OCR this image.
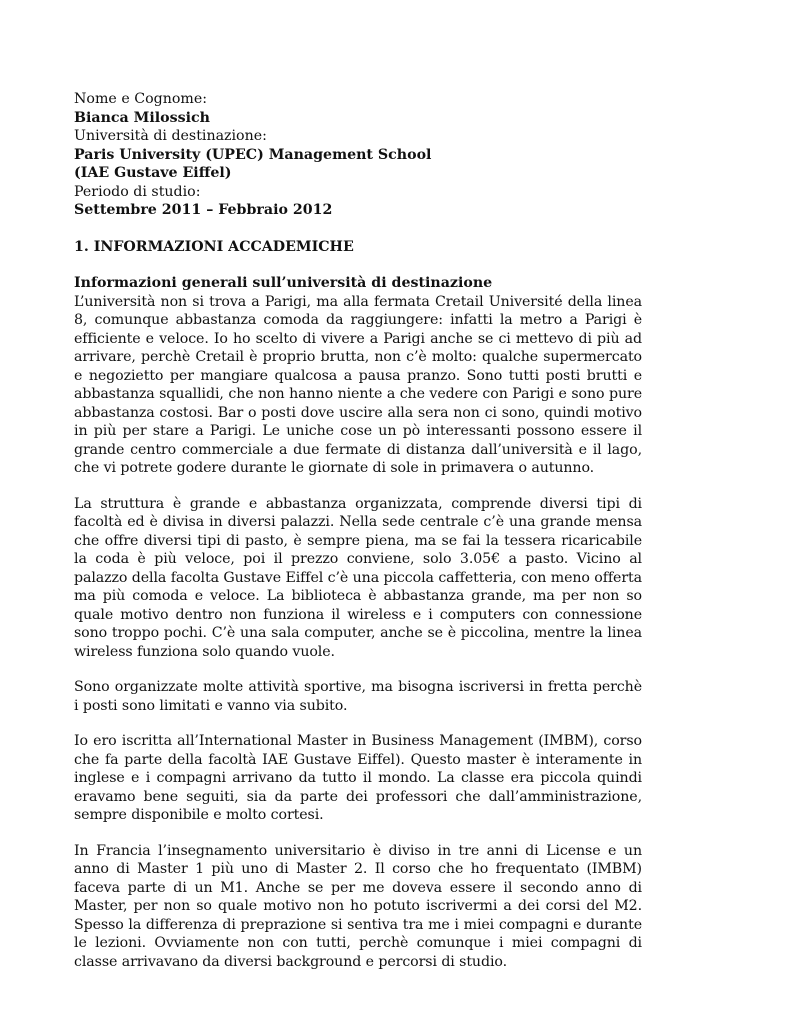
Nome e Cognome:
Bianca Milossich
Università di destinazione:
Paris University (UPEC) Management School
(IAE Gustave Eiffel)
Periodo di studio:
Settembre 2011 – Febbraio 2012
1. INFORMAZIONI ACCADEMICHE
Informazioni generali sull’università di destinazione

L’università non si trova a Parigi, ma alla fermata Cretail Université della linea 8, comunque abbastanza comoda da raggiungere: infatti la metro a Parigi è efficiente e veloce. Io ho scelto di vivere a Parigi anche se ci mettevo di più ad arrivare, perchè Cretail è proprio brutta, non c’è molto: qualche supermercato e negozietto per mangiare qualcosa a pausa pranzo. Sono tutti posti brutti e abbastanza squallidi, che non hanno niente a che vedere con Parigi e sono pure abbastanza costosi. Bar o posti dove uscire alla sera non ci sono, quindi motivo in più per stare a Parigi. Le uniche cose un pò interessanti possono essere il grande centro commerciale a due fermate di distanza dall’università e il lago, che vi potrete godere durante le giornate di sole in primavera o autunno.

La struttura è grande e abbastanza organizzata, comprende diversi tipi di facoltà ed è divisa in diversi palazzi. Nella sede centrale c’è una grande mensa che offre diversi tipi di pasto, è sempre piena, ma se fai la tessera ricaricabile la coda è più veloce, poi il prezzo conviene, solo 3.05€ a pasto. Vicino al palazzo della facolta Gustave Eiffel c’è una piccola caffetteria, con meno offerta ma più comoda e veloce. La biblioteca è abbastanza grande, ma per non so quale motivo dentro non funziona il wireless e i computers con connessione sono troppo pochi. C’è una sala computer, anche se è piccolina, mentre la linea wireless funziona solo quando vuole.

Sono organizzate molte attività sportive, ma bisogna iscriversi in fretta perchè i posti sono limitati e vanno via subito.

Io ero iscritta all’International Master in Business Management (IMBM), corso che fa parte della facoltà IAE Gustave Eiffel). Questo master è interamente in inglese e i compagni arrivano da tutto il mondo. La classe era piccola quindi eravamo bene seguiti, sia da parte dei professori che dall’amministrazione, sempre disponibile e molto cortesi.

In Francia l’insegnamento universitario è diviso in tre anni di License e un anno di Master 1 più uno di Master 2. Il corso che ho frequentato (IMBM) faceva parte di un M1. Anche se per me doveva essere il secondo anno di Master, per non so quale motivo non ho potuto iscrivermi a dei corsi del M2. Spesso la differenza di preprazione si sentiva tra me i miei compagni e durante le lezioni. Ovviamente non con tutti, perchè comunque i miei compagni di classe arrivavano da diversi background e percorsi di studio.
